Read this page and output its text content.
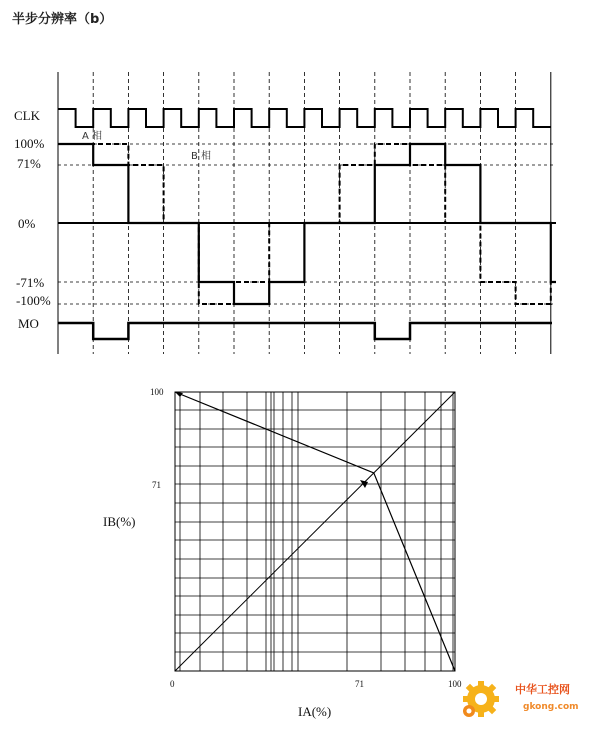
半步分辨率（b）
CLK
100%
71%
0%
-71%
-100%
MO
A 相
B 相
100
71
0	71	100
IB(%)
IA(%)
中华工控网
gkong.com
